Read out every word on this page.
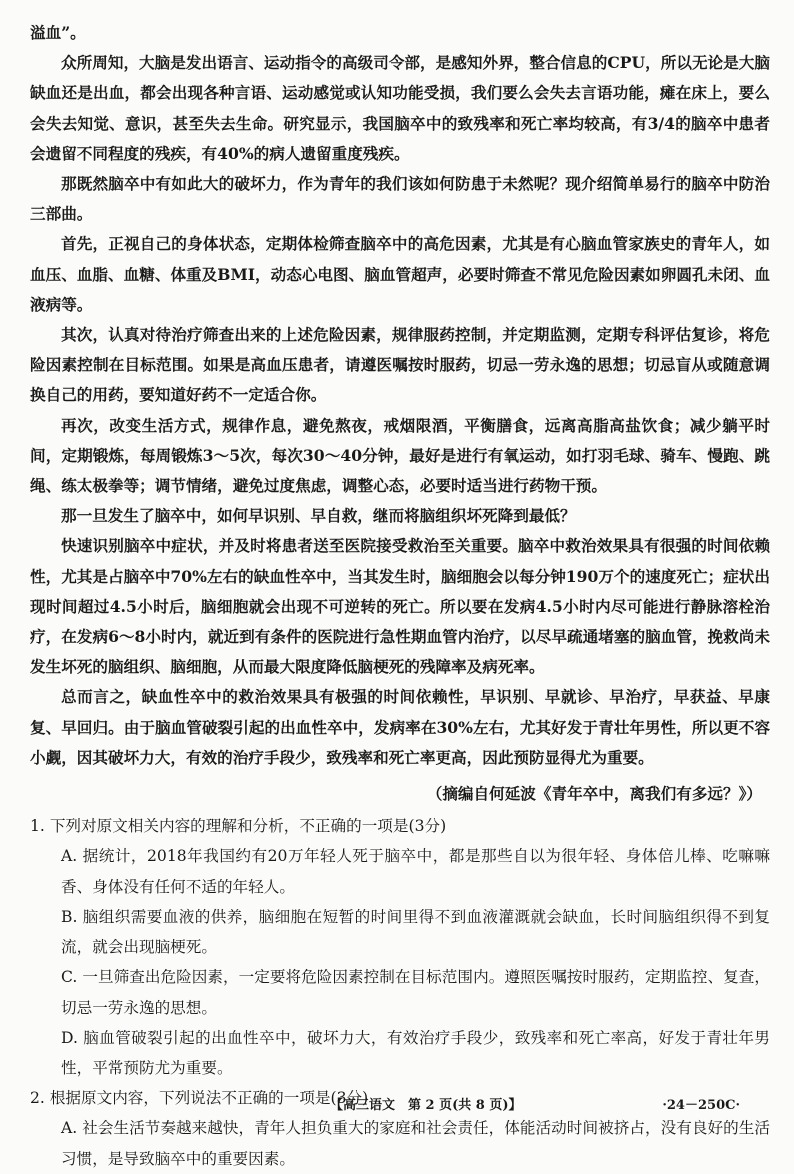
溢血”。

众所周知，大脑是发出语言、运动指令的高级司令部，是感知外界，整合信息的CPU，所以无论是大脑缺血还是出血，都会出现各种言语、运动感觉或认知功能受损，我们要么会失去言语功能，瘫在床上，要么会失去知觉、意识，甚至失去生命。研究显示，我国脑卒中的致残率和死亡率均较高，有3/4的脑卒中患者会遗留不同程度的残疾，有40%的病人遗留重度残疾。

那既然脑卒中有如此大的破坏力，作为青年的我们该如何防患于未然呢？现介绍简单易行的脑卒中防治三部曲。

首先，正视自己的身体状态，定期体检筛查脑卒中的高危因素，尤其是有心脑血管家族史的青年人，如血压、血脂、血糖、体重及BMI，动态心电图、脑血管超声，必要时筛查不常见危险因素如卵圆孔未闭、血液病等。

其次，认真对待治疗筛查出来的上述危险因素，规律服药控制，并定期监测，定期专科评估复诊，将危险因素控制在目标范围。如果是高血压患者，请遵医嘱按时服药，切忌一劳永逸的思想；切忌盲从或随意调换自己的用药，要知道好药不一定适合你。

再次，改变生活方式，规律作息，避免熬夜，戒烟限酒，平衡膳食，远离高脂高盐饮食；减少躺平时间，定期锻炼，每周锻炼3～5次，每次30～40分钟，最好是进行有氧运动，如打羽毛球、骑车、慢跑、跳绳、练太极拳等；调节情绪，避免过度焦虑，调整心态，必要时适当进行药物干预。

那一旦发生了脑卒中，如何早识别、早自救，继而将脑组织坏死降到最低？

快速识别脑卒中症状，并及时将患者送至医院接受救治至关重要。脑卒中救治效果具有很强的时间依赖性，尤其是占脑卒中70%左右的缺血性卒中，当其发生时，脑细胞会以每分钟190万个的速度死亡；症状出现时间超过4.5小时后，脑细胞就会出现不可逆转的死亡。所以要在发病4.5小时内尽可能进行静脉溶栓治疗，在发病6～8小时内，就近到有条件的医院进行急性期血管内治疗，以尽早疏通堵塞的脑血管，挽救尚未发生坏死的脑组织、脑细胞，从而最大限度降低脑梗死的残障率及病死率。

总而言之，缺血性卒中的救治效果具有极强的时间依赖性，早识别、早就诊、早治疗，早获益、早康复、早回归。由于脑血管破裂引起的出血性卒中，发病率在30%左右，尤其好发于青壮年男性，所以更不容小觑，因其破坏力大，有效的治疗手段少，致残率和死亡率更高，因此预防显得尤为重要。

（摘编自何延波《青年卒中，离我们有多远？》）

1. 下列对原文相关内容的理解和分析，不正确的一项是(3分)

A. 据统计，2018年我国约有20万年轻人死于脑卒中，都是那些自以为很年轻、身体倍儿棒、吃嘛嘛香、身体没有任何不适的年轻人。

B. 脑组织需要血液的供养，脑细胞在短暂的时间里得不到血液灌溉就会缺血，长时间脑组织得不到复流，就会出现脑梗死。

C. 一旦筛查出危险因素，一定要将危险因素控制在目标范围内。遵照医嘱按时服药，定期监控、复查，切忌一劳永逸的思想。

D. 脑血管破裂引起的出血性卒中，破坏力大，有效治疗手段少，致残率和死亡率高，好发于青壮年男性，平常预防尤为重要。

2. 根据原文内容，下列说法不正确的一项是(3分)

A. 社会生活节奏越来越快，青年人担负重大的家庭和社会责任，体能活动时间被挤占，没有良好的生活习惯，是导致脑卒中的重要因素。

【高三语文　第 2 页(共 8 页)】	·24－250C·
